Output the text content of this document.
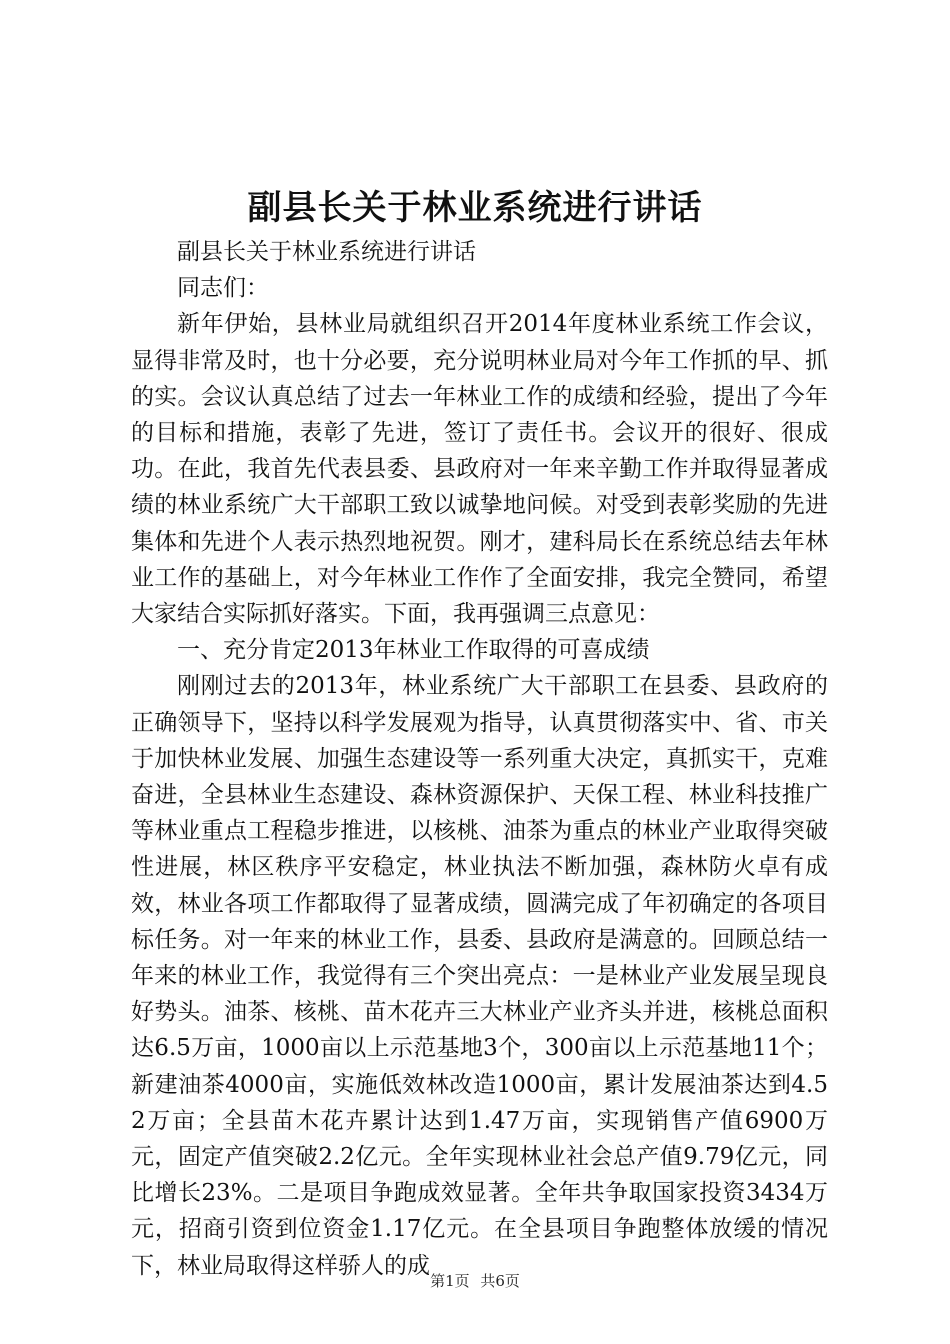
副县长关于林业系统进行讲话

副县长关于林业系统进行讲话

同志们：

新年伊始，县林业局就组织召开2014年度林业系统工作会议，显得非常及时，也十分必要，充分说明林业局对今年工作抓的早、抓的实。会议认真总结了过去一年林业工作的成绩和经验，提出了今年的目标和措施，表彰了先进，签订了责任书。会议开的很好、很成功。在此，我首先代表县委、县政府对一年来辛勤工作并取得显著成绩的林业系统广大干部职工致以诚挚地问候。对受到表彰奖励的先进集体和先进个人表示热烈地祝贺。刚才，建科局长在系统总结去年林业工作的基础上，对今年林业工作作了全面安排，我完全赞同，希望大家结合实际抓好落实。下面，我再强调三点意见：

一、充分肯定2013年林业工作取得的可喜成绩

刚刚过去的2013年，林业系统广大干部职工在县委、县政府的正确领导下，坚持以科学发展观为指导，认真贯彻落实中、省、市关于加快林业发展、加强生态建设等一系列重大决定，真抓实干，克难奋进，全县林业生态建设、森林资源保护、天保工程、林业科技推广等林业重点工程稳步推进，以核桃、油茶为重点的林业产业取得突破性进展，林区秩序平安稳定，林业执法不断加强，森林防火卓有成效，林业各项工作都取得了显著成绩，圆满完成了年初确定的各项目标任务。对一年来的林业工作，县委、县政府是满意的。回顾总结一年来的林业工作，我觉得有三个突出亮点：一是林业产业发展呈现良好势头。油茶、核桃、苗木花卉三大林业产业齐头并进，核桃总面积达6.5万亩，1000亩以上示范基地3个，300亩以上示范基地11个；新建油茶4000亩，实施低效林改造1000亩，累计发展油茶达到4.52万亩；全县苗木花卉累计达到1.47万亩，实现销售产值6900万元，固定产值突破2.2亿元。全年实现林业社会总产值9.79亿元，同比增长23%。二是项目争跑成效显著。全年共争取国家投资3434万元，招商引资到位资金1.17亿元。在全县项目争跑整体放缓的情况下，林业局取得这样骄人的成

第1页 共6页
